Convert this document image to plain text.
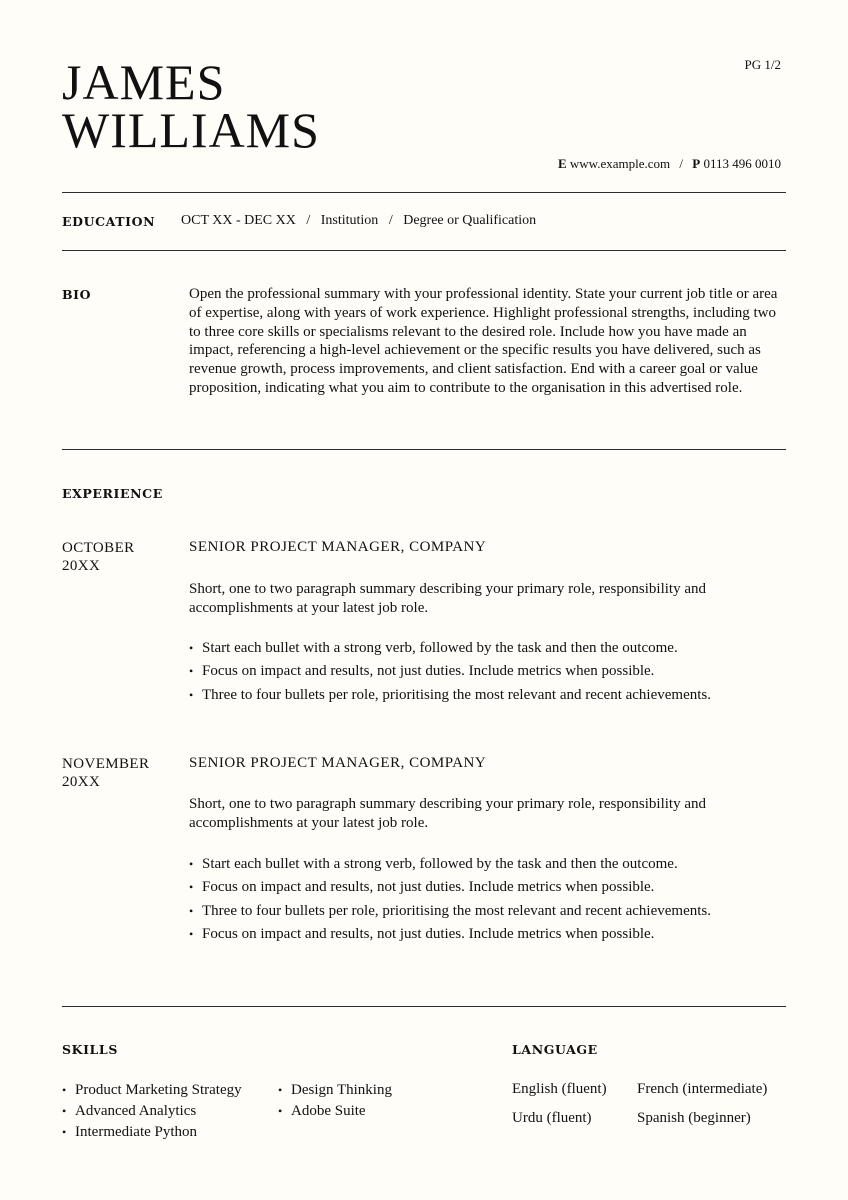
JAMES
WILLIAMS
PG 1/2
E www.example.com / P 0113 496 0010
EDUCATION OCT XX - DEC XX / Institution / Degree or Qualification
BIO	Open the professional summary with your professional identity. State your current job title or area of expertise, along with years of work experience. Highlight professional strengths, including two to three core skills or specialisms relevant to the desired role. Include how you have made an impact, referencing a high-level achievement or the specific results you have delivered, such as revenue growth, process improvements, and client satisfaction. End with a career goal or value proposition, indicating what you aim to contribute to the organisation in this advertised role.
EXPERIENCE
OCTOBER
20XX
SENIOR PROJECT MANAGER, COMPANY
Short, one to two paragraph summary describing your primary role, responsibility and accomplishments at your latest job role.
• Start each bullet with a strong verb, followed by the task and then the outcome.
• Focus on impact and results, not just duties. Include metrics when possible.
• Three to four bullets per role, prioritising the most relevant and recent achievements.
NOVEMBER
20XX
SENIOR PROJECT MANAGER, COMPANY
Short, one to two paragraph summary describing your primary role, responsibility and accomplishments at your latest job role.
• Start each bullet with a strong verb, followed by the task and then the outcome.
• Focus on impact and results, not just duties. Include metrics when possible.
• Three to four bullets per role, prioritising the most relevant and recent achievements.
• Focus on impact and results, not just duties. Include metrics when possible.
SKILLS
• Product Marketing Strategy
• Advanced Analytics
• Intermediate Python
• Design Thinking
• Adobe Suite
LANGUAGE
English (fluent) French (intermediate)
Urdu (fluent)	Spanish (beginner)
